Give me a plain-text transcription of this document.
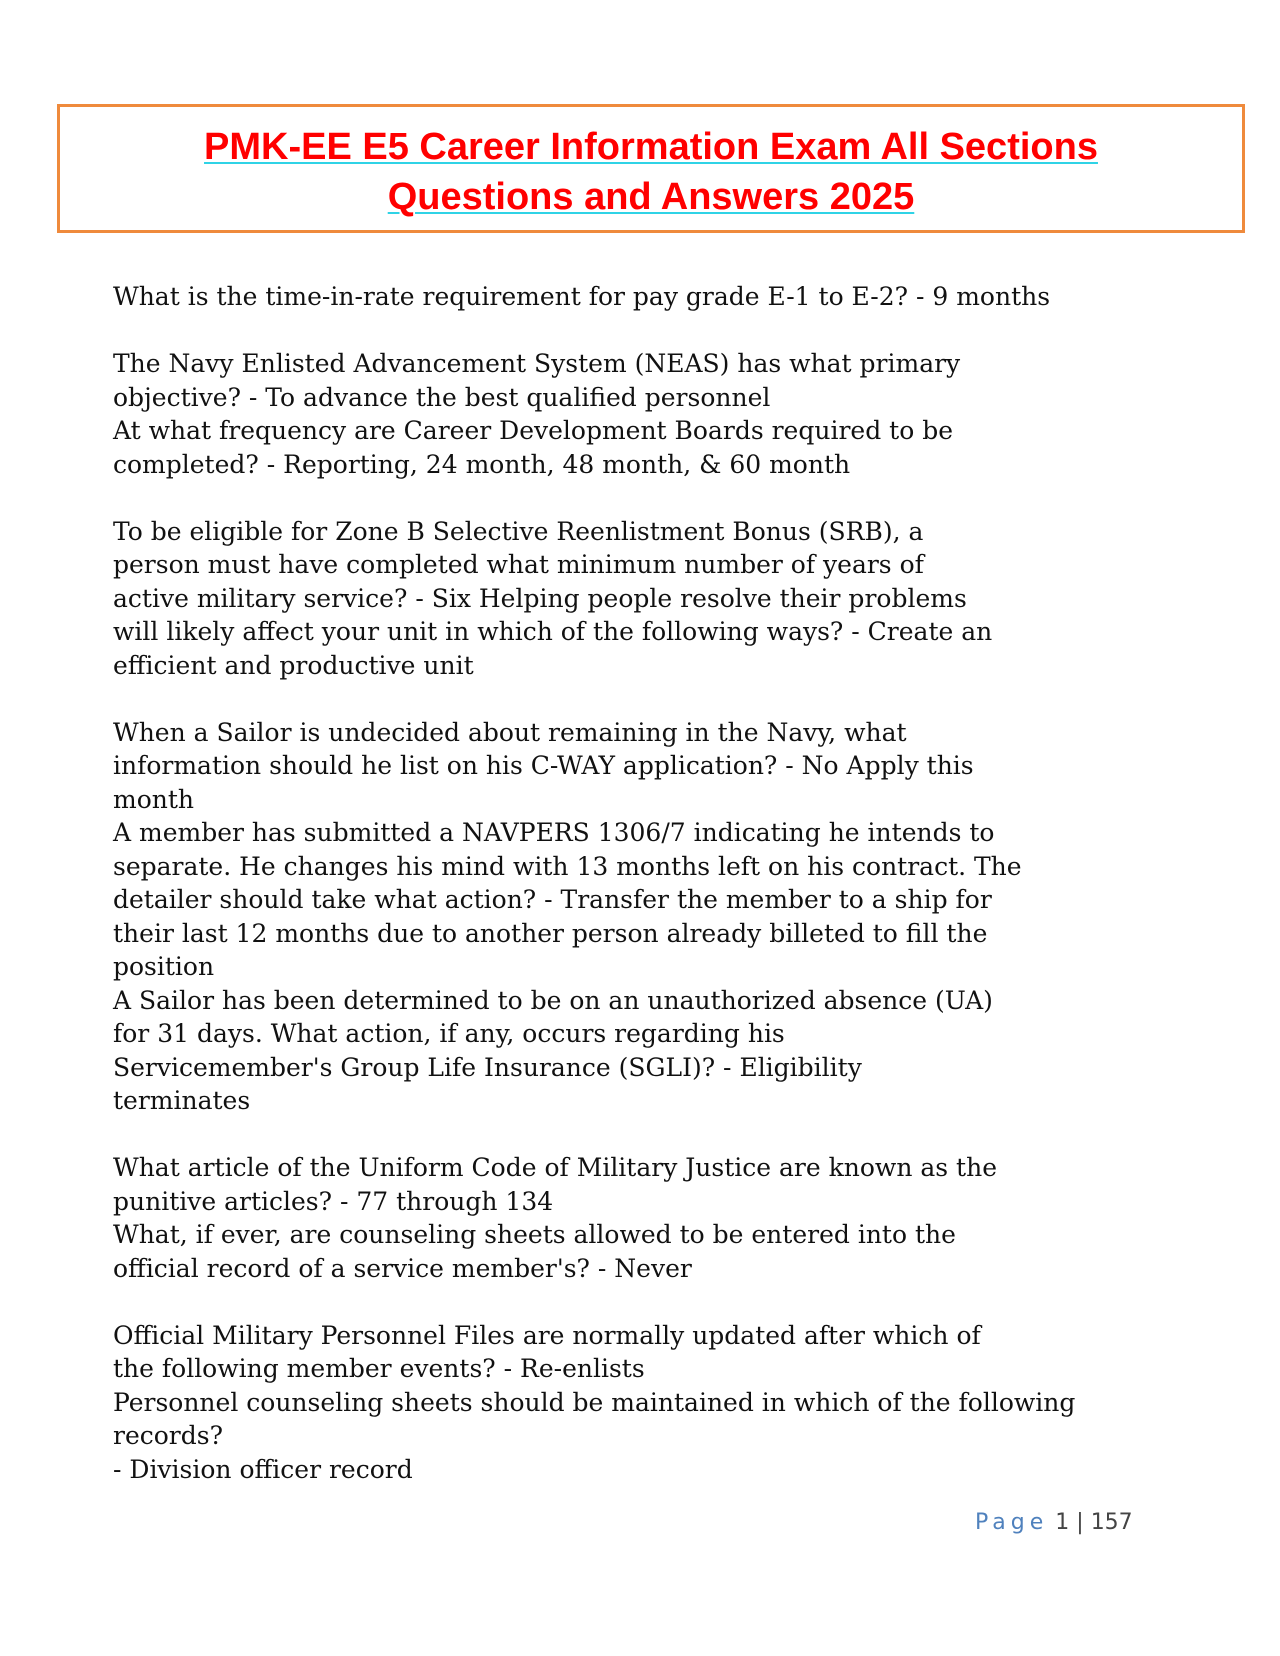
PMK-EE E5 Career Information Exam All Sections
Questions and Answers 2025
What is the time-in-rate requirement for pay grade E-1 to E-2? - 9 months
The Navy Enlisted Advancement System (NEAS) has what primary
objective? - To advance the best qualified personnel
At what frequency are Career Development Boards required to be
completed? - Reporting, 24 month, 48 month, & 60 month
To be eligible for Zone B Selective Reenlistment Bonus (SRB), a
person must have completed what minimum number of years of
active military service? - Six Helping people resolve their problems
will likely affect your unit in which of the following ways? - Create an
efficient and productive unit
When a Sailor is undecided about remaining in the Navy, what
information should he list on his C-WAY application? - No Apply this
month
A member has submitted a NAVPERS 1306/7 indicating he intends to
separate. He changes his mind with 13 months left on his contract. The
detailer should take what action? - Transfer the member to a ship for
their last 12 months due to another person already billeted to fill the
position
A Sailor has been determined to be on an unauthorized absence (UA)
for 31 days. What action, if any, occurs regarding his
Servicemember's Group Life Insurance (SGLI)? - Eligibility
terminates
What article of the Uniform Code of Military Justice are known as the
punitive articles? - 77 through 134
What, if ever, are counseling sheets allowed to be entered into the
official record of a service member's? - Never
Official Military Personnel Files are normally updated after which of
the following member events? - Re-enlists
Personnel counseling sheets should be maintained in which of the following
records?
- Division officer record
Page 1 | 157
